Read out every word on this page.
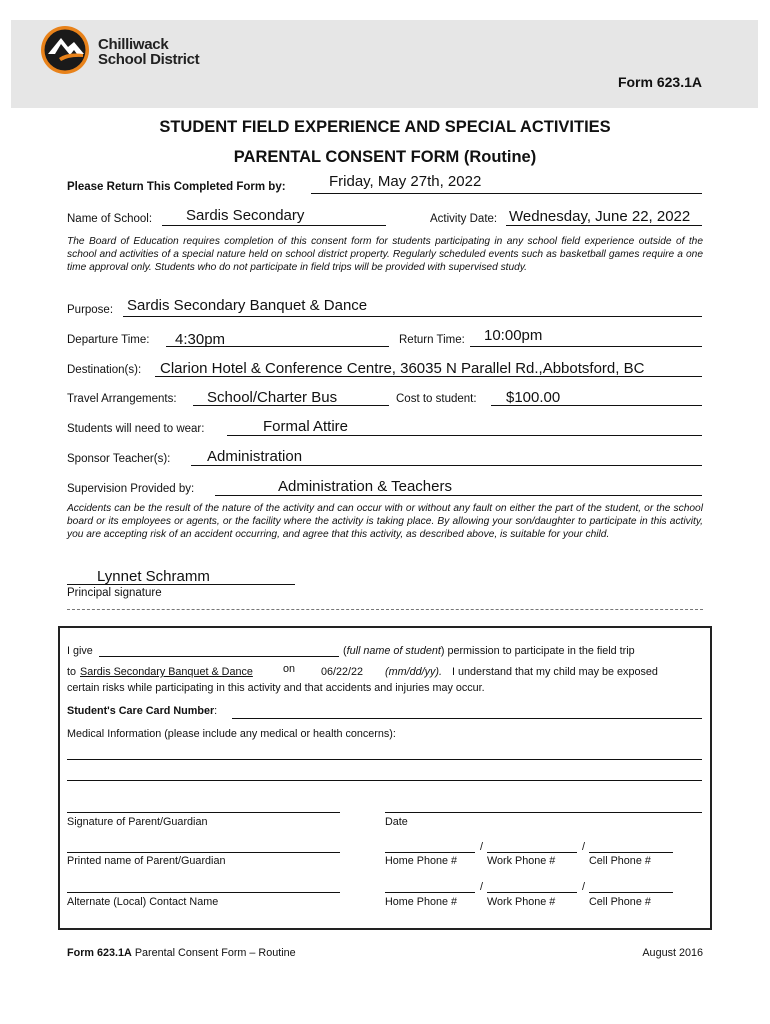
Chilliwack
School District
Form 623.1A
STUDENT FIELD EXPERIENCE AND SPECIAL ACTIVITIES
PARENTAL CONSENT FORM (Routine)
Please Return This Completed Form by:	Friday, May 27th, 2022
Name of School: Sardis Secondary	Activity Date: Wednesday, June 22, 2022
The Board of Education requires completion of this consent form for students participating in any school field experience outside of the school and activities of a special nature held on school district property. Regularly scheduled events such as basketball games require a one time approval only. Students who do not participate in field trips will be provided with supervised study.
Purpose: Sardis Secondary Banquet & Dance
Departure Time: 4:30pm	Return Time: 10:00pm
Destination(s): Clarion Hotel & Conference Centre, 36035 N Parallel Rd.,Abbotsford, BC
Travel Arrangements: School/Charter Bus	Cost to student: $100.00
Students will need to wear:	Formal Attire
Sponsor Teacher(s): Administration
Supervision Provided by:	Administration & Teachers
Accidents can be the result of the nature of the activity and can occur with or without any fault on either the part of the student, or the school board or its employees or agents, or the facility where the activity is taking place. By allowing your son/daughter to participate in this activity, you are accepting risk of an accident occurring, and agree that this activity, as described above, is suitable for your child.
Lynnet Schramm
Principal signature
I give	(full name of student) permission to participate in the field trip
to Sardis Secondary Banquet & Dance	on 06/22/22 (mm/dd/yy). I understand that my child may be exposed
certain risks while participating in this activity and that accidents and injuries may occur.
Student's Care Card Number:
Medical Information (please include any medical or health concerns):
Signature of Parent/Guardian	Date
/	/
Printed name of Parent/Guardian	Home Phone #	Work Phone #	Cell Phone #
/	/
Alternate (Local) Contact Name	Home Phone #	Work Phone #	Cell Phone #
Form 623.1A Parental Consent Form – Routine	August 2016
